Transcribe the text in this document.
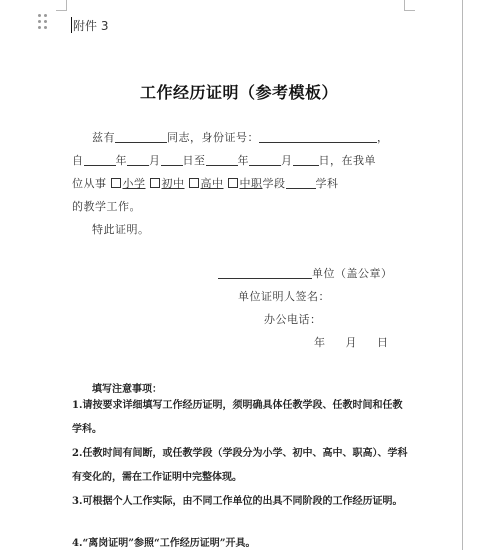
附件 3
工作经历证明（参考模板）
兹有	同志，身份证号：	，
自	年 月 日至	年	月 日，在我单
位从事 小学 初中 高中 中职学段	学科
的教学工作。
特此证明。
单位（盖公章）
单位证明人签名：
办公电话：
年 月 日
填写注意事项：
1.请按要求详细填写工作经历证明，须明确具体任教学段、任教时间和任教学科。
2.任教时间有间断，或任教学段（学段分为小学、初中、高中、职高）、学科有变化的，需在工作证明中完整体现。
3.可根据个人工作实际，由不同工作单位的出具不同阶段的工作经历证明。
4.“离岗证明”参照“工作经历证明”开具。
